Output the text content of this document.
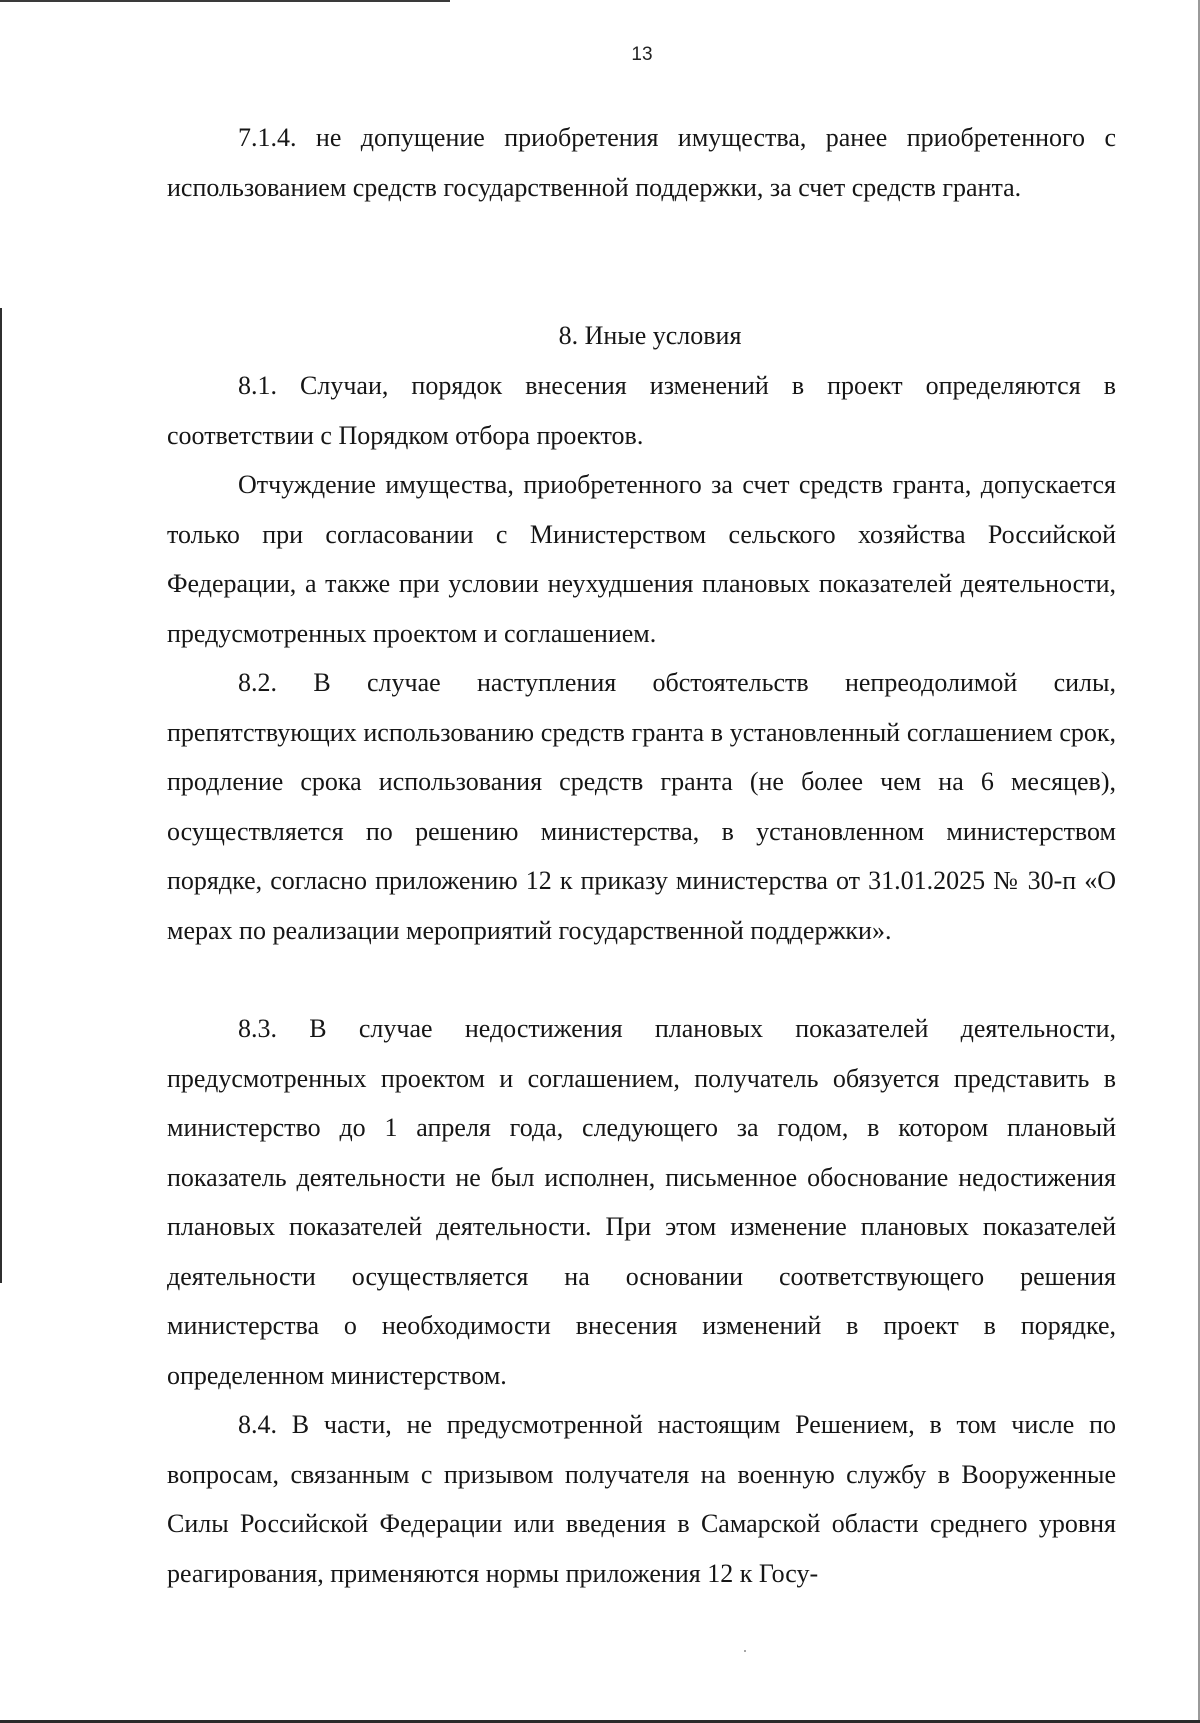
13

7.1.4. не допущение приобретения имущества, ранее приобретенного с использованием средств государственной поддержки, за счет средств гранта.

8. Иные условия

8.1. Случаи, порядок внесения изменений в проект определяются в соответствии с Порядком отбора проектов.

Отчуждение имущества, приобретенного за счет средств гранта, допускается только при согласовании с Министерством сельского хозяйства Российской Федерации, а также при условии неухудшения плановых показателей деятельности, предусмотренных проектом и соглашением.

8.2. В случае наступления обстоятельств непреодолимой силы, препятствующих использованию средств гранта в установленный соглашением срок, продление срока использования средств гранта (не более чем на 6 месяцев), осуществляется по решению министерства, в установленном министерством порядке, согласно приложению 12 к приказу министерства от 31.01.2025 № 30-п «О мерах по реализации мероприятий государственной поддержки».

8.3. В случае недостижения плановых показателей деятельности, предусмотренных проектом и соглашением, получатель обязуется представить в министерство до 1 апреля года, следующего за годом, в котором плановый показатель деятельности не был исполнен, письменное обоснование недостижения плановых показателей деятельности. При этом изменение плановых показателей деятельности осуществляется на основании соответствующего решения министерства о необходимости внесения изменений в проект в порядке, определенном министерством.

8.4. В части, не предусмотренной настоящим Решением, в том числе по вопросам, связанным с призывом получателя на военную службу в Вооруженные Силы Российской Федерации или введения в Самарской области среднего уровня реагирования, применяются нормы приложения 12 к Госу-
